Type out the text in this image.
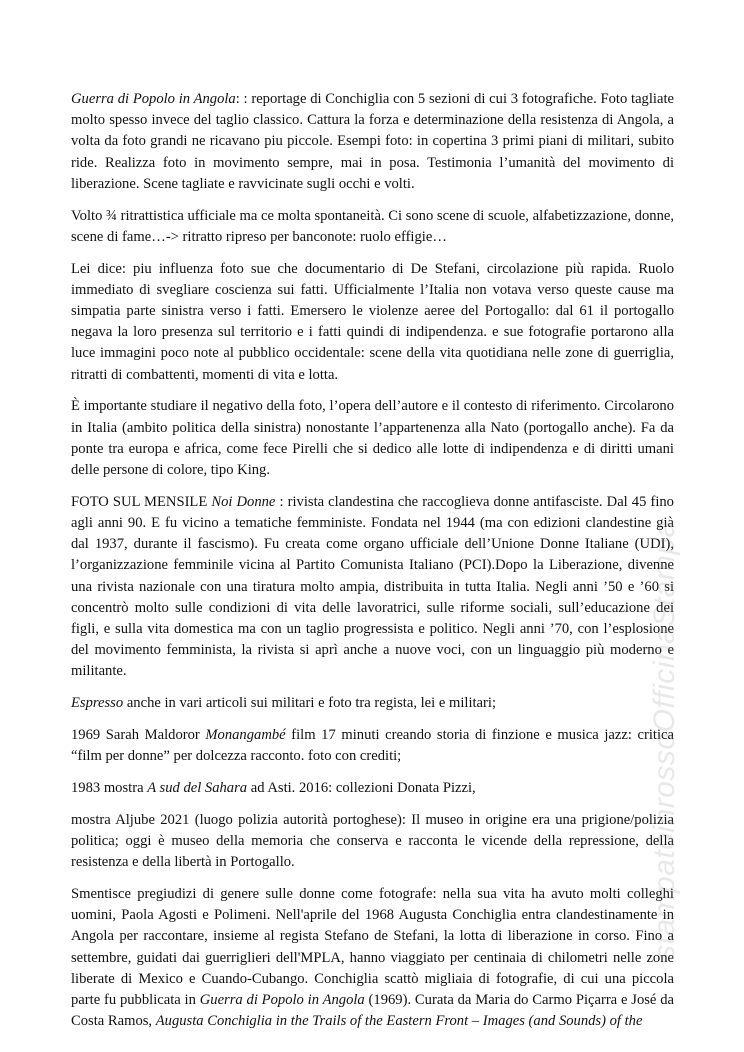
Guerra di Popolo in Angola: : reportage di Conchiglia con 5 sezioni di cui 3 fotografiche. Foto tagliate molto spesso invece del taglio classico. Cattura la forza e determinazione della resistenza di Angola, a volta da foto grandi ne ricavano piu piccole. Esempi foto: in copertina 3 primi piani di militari, subito ride. Realizza foto in movimento sempre, mai in posa. Testimonia l’umanità del movimento di liberazione. Scene tagliate e ravvicinate sugli occhi e volti.

Volto ¾ ritrattistica ufficiale ma ce molta spontaneità. Ci sono scene di scuole, alfabetizzazione, donne, scene di fame…-> ritratto ripreso per banconote: ruolo effigie…

Lei dice: piu influenza foto sue che documentario di De Stefani, circolazione più rapida. Ruolo immediato di svegliare coscienza sui fatti. Ufficialmente l’Italia non votava verso queste cause ma simpatia parte sinistra verso i fatti. Emersero le violenze aeree del Portogallo: dal 61 il portogallo negava la loro presenza sul territorio e i fatti quindi di indipendenza. e sue fotografie portarono alla luce immagini poco note al pubblico occidentale: scene della vita quotidiana nelle zone di guerriglia, ritratti di combattenti, momenti di vita e lotta.

È importante studiare il negativo della foto, l’opera dell’autore e il contesto di riferimento. Circolarono in Italia (ambito politica della sinistra) nonostante l’appartenenza alla Nato (portogallo anche). Fa da ponte tra europa e africa, come fece Pirelli che si dedico alle lotte di indipendenza e di diritti umani delle persone di colore, tipo King.

FOTO SUL MENSILE Noi Donne : rivista clandestina che raccoglieva donne antifasciste. Dal 45 fino agli anni 90. E fu vicino a tematiche femministe. Fondata nel 1944 (ma con edizioni clandestine già dal 1937, durante il fascismo). Fu creata come organo ufficiale dell’Unione Donne Italiane (UDI), l’organizzazione femminile vicina al Partito Comunista Italiano (PCI).Dopo la Liberazione, divenne una rivista nazionale con una tiratura molto ampia, distribuita in tutta Italia. Negli anni ’50 e ’60 si concentrò molto sulle condizioni di vita delle lavoratrici, sulle riforme sociali, sull’educazione dei figli, e sulla vita domestica ma con un taglio progressista e politico. Negli anni ’70, con l’esplosione del movimento femminista, la rivista si aprì anche a nuove voci, con un linguaggio più moderno e militante.

Espresso anche in vari articoli sui militari e foto tra regista, lei e militari;

1969 Sarah Maldoror Monangambé film 17 minuti creando storia di finzione e musica jazz: critica “film per donne” per dolcezza racconto. foto con crediti;

1983 mostra A sud del Sahara ad Asti. 2016: collezioni Donata Pizzi,

mostra Aljube 2021 (luogo polizia autorità portoghese): Il museo in origine era una prigione/polizia politica; oggi è museo della memoria che conserva e racconta le vicende della repressione, della resistenza e della libertà in Portogallo.

Smentisce pregiudizi di genere sulle donne come fotografe: nella sua vita ha avuto molti colleghi uomini, Paola Agosti e Polimeni. Nell'aprile del 1968 Augusta Conchiglia entra clandestinamente in Angola per raccontare, insieme al regista Stefano de Stefani, la lotta di liberazione in corso. Fino a settembre, guidati dai guerriglieri dell'MPLA, hanno viaggiato per centinaia di chilometri nelle zone liberate di Mexico e Cuando-Cubango. Conchiglia scattò migliaia di fotografie, di cui una piccola parte fu pubblicata in Guerra di Popolo in Angola (1969). Curata da Maria do Carmo Piçarra e José da Costa Ramos, Augusta Conchiglia in the Trails of the Eastern Front – Images (and Sounds) of the

stampatoinrossoOfficinaStampa
